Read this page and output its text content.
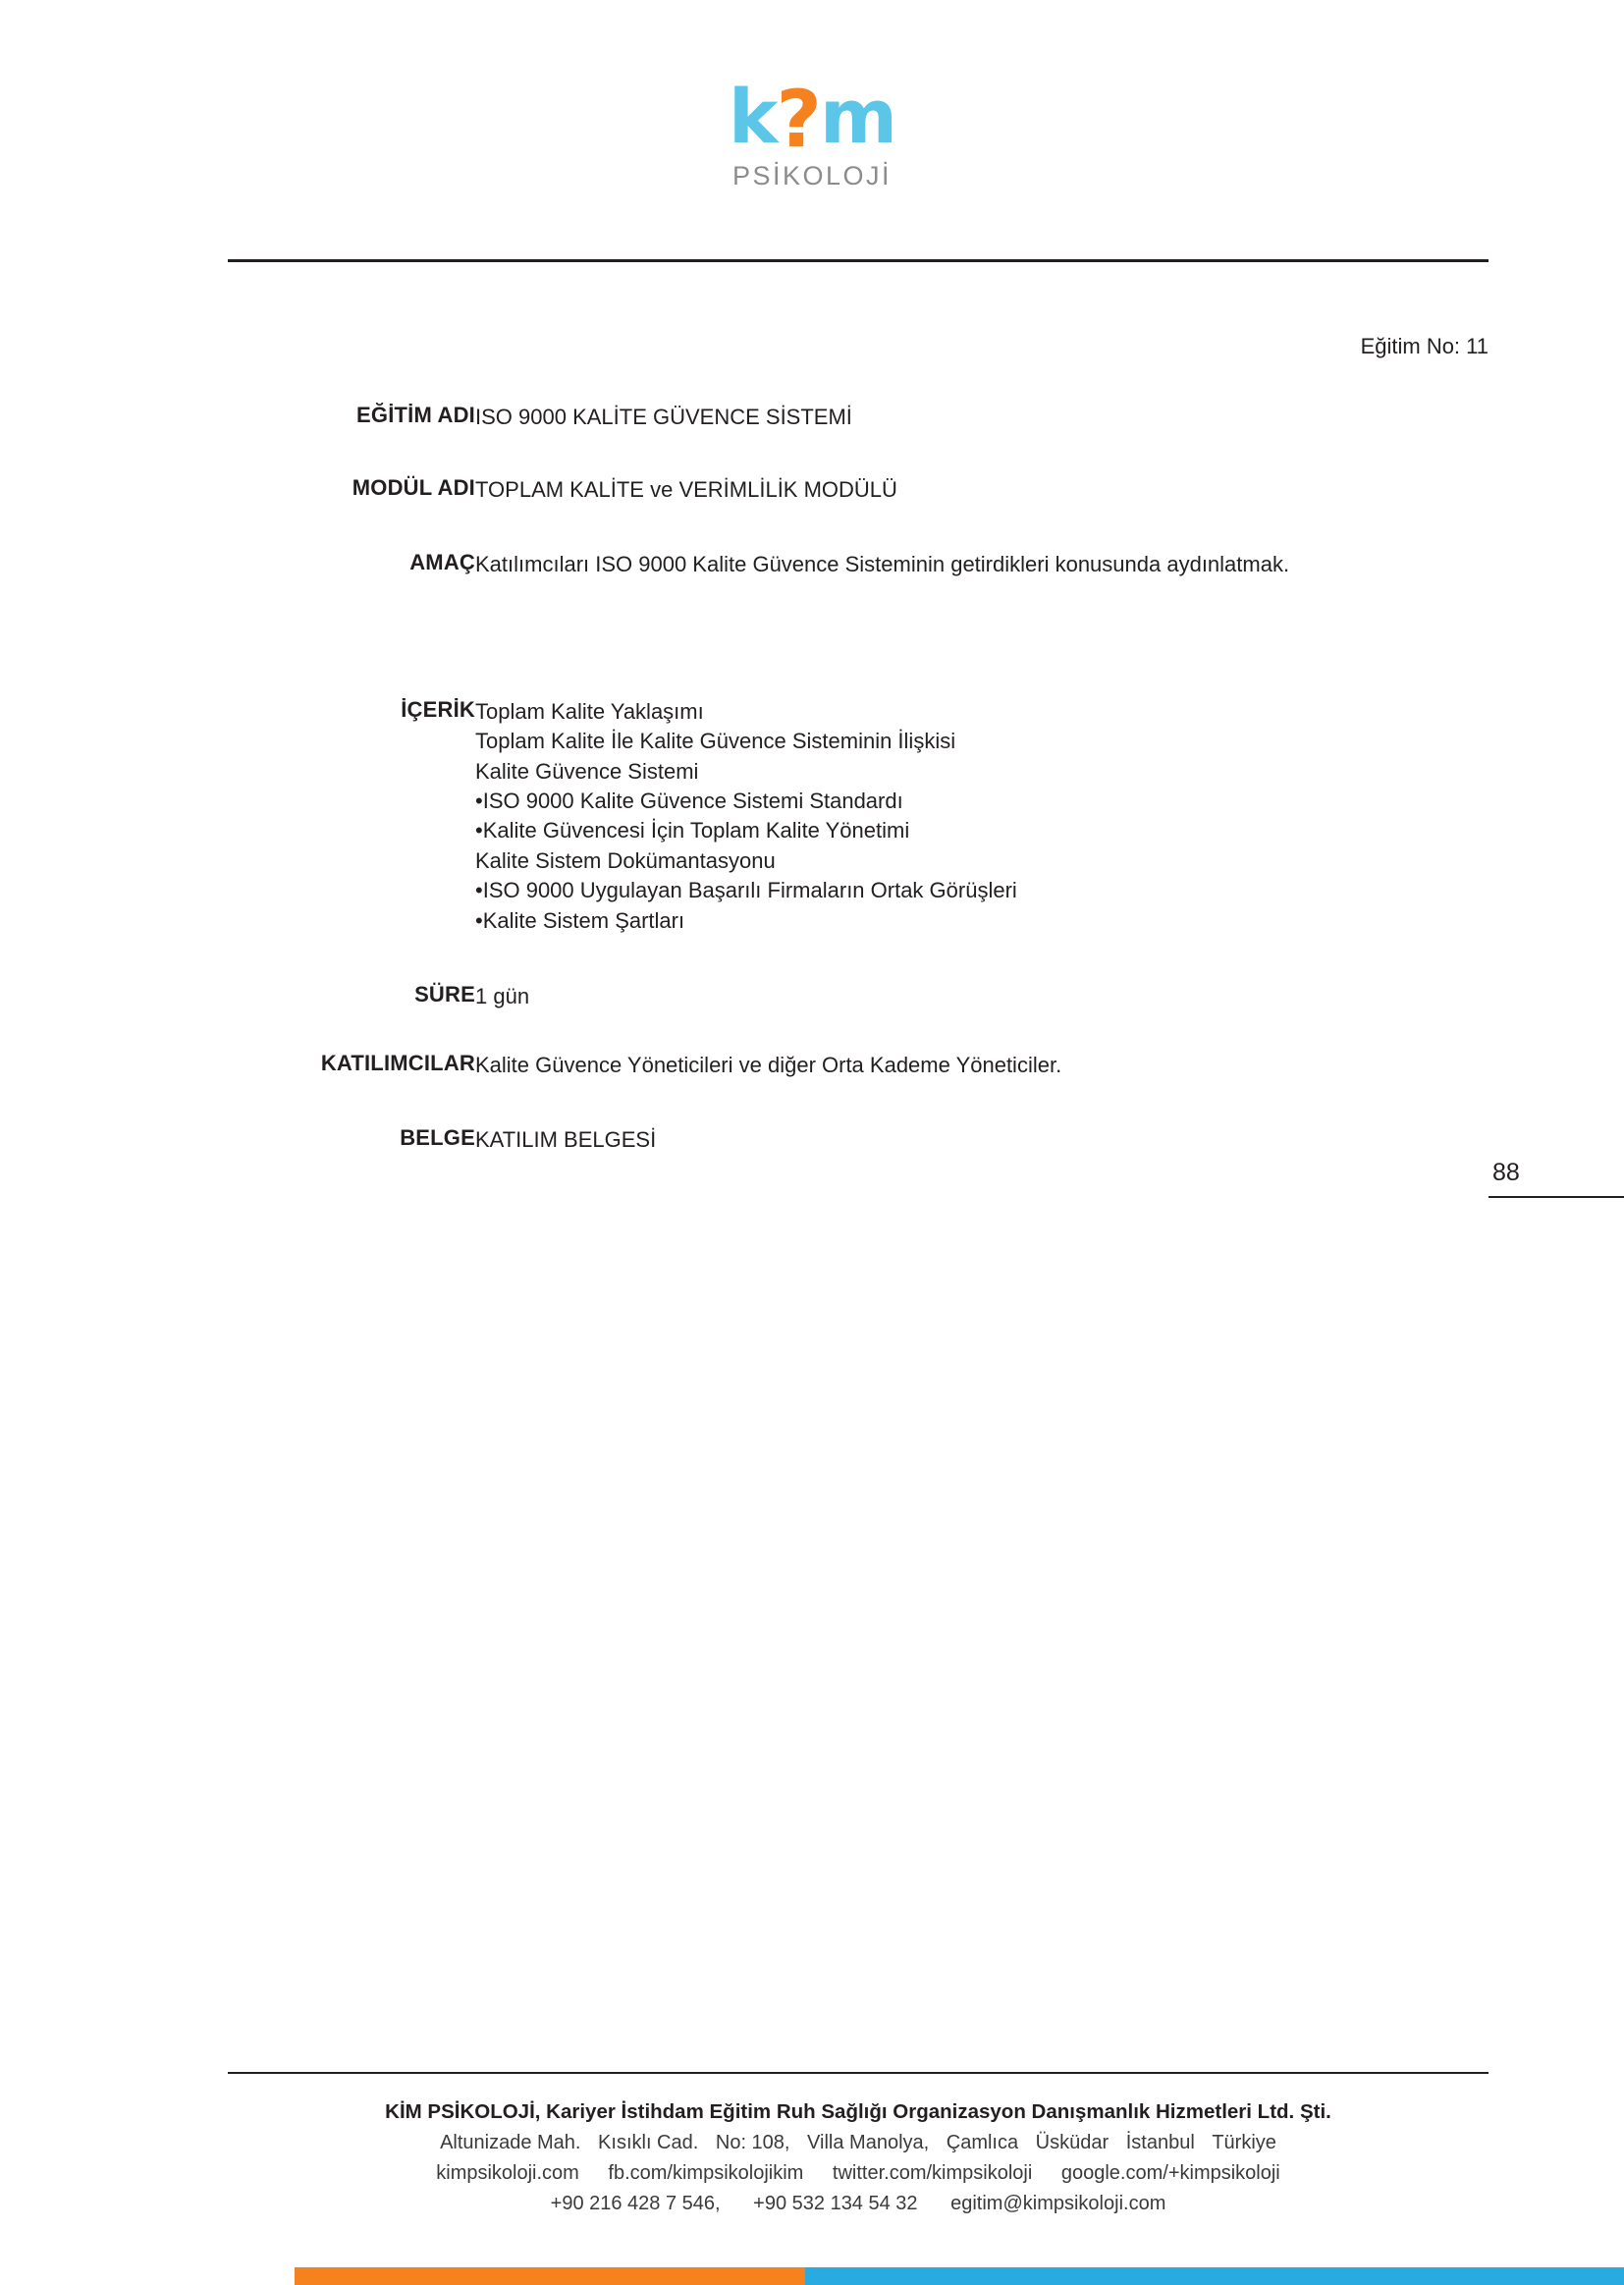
k?m
PSİKOLOJİ
Eğitim No: 11
EĞİTİM ADI	ISO 9000 KALİTE GÜVENCE SİSTEMİ
MODÜL ADI	TOPLAM KALİTE ve VERİMLİLİK MODÜLÜ
AMAÇ	Katılımcıları ISO 9000 Kalite Güvence Sisteminin getirdikleri konusunda aydınlatmak.
İÇERİK	Toplam Kalite Yaklaşımı
Toplam Kalite İle Kalite Güvence Sisteminin İlişkisi
Kalite Güvence Sistemi
•ISO 9000 Kalite Güvence Sistemi Standardı
•Kalite Güvencesi İçin Toplam Kalite Yönetimi
Kalite Sistem Dokümantasyonu
•ISO 9000 Uygulayan Başarılı Firmaların Ortak Görüşleri
•Kalite Sistem Şartları

SÜRE	1 gün
KATILIMCILAR	Kalite Güvence Yöneticileri ve diğer Orta Kademe Yöneticiler.
BELGE	KATILIM BELGESİ
88
KİM PSİKOLOJİ, Kariyer İstihdam Eğitim Ruh Sağlığı Organizasyon Danışmanlık Hizmetleri Ltd. Şti.
Altunizade Mah. Kısıklı Cad. No: 108, Villa Manolya, Çamlıca Üsküdar İstanbul Türkiye
kimpsikoloji.com fb.com/kimpsikolojikim twitter.com/kimpsikoloji google.com/+kimpsikoloji
+90 216 428 7 546, +90 532 134 54 32 egitim@kimpsikoloji.com
